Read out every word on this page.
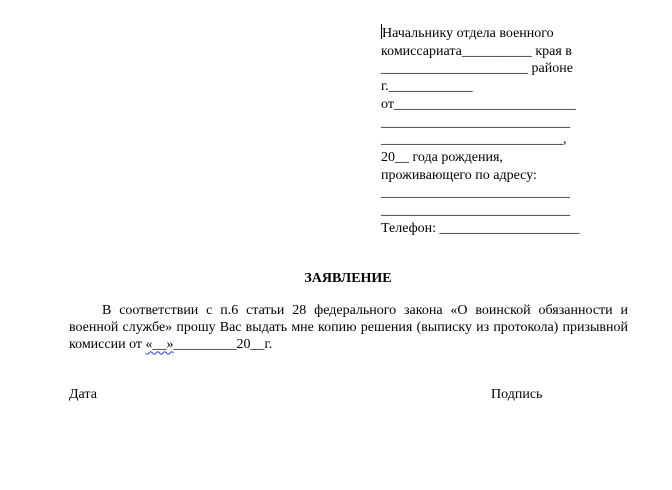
Начальнику отдела военного
комиссариата__________ края в
_____________________ районе
г.____________
от__________________________
___________________________
__________________________,
20__ года рождения,
проживающего по адресу:
___________________________
___________________________
Телефон: ____________________
ЗАЯВЛЕНИЕ
В соответствии с п.6 статьи 28 федерального закона «О воинской обязанности и военной службе» прошу Вас выдать мне копию решения (выписку из протокола) призывной комиссии от «__»_________20__г.
Дата	Подпись
